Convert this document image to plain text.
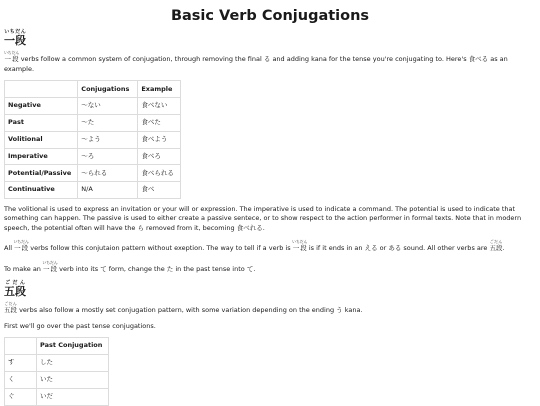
Basic Verb Conjugations
一段いちだん

一段いちだん verbs follow a common system of conjugation, through removing the final る and adding kana for the tense you're conjugating to. Here's 食べる as an example.

	Conjugations	Example
Negative	〜ない	食べない
Past	〜た	食べた
Volitional	〜よう	食べよう
Imperative	〜ろ	食べろ
Potential/Passive	〜られる	食べられる
Continuative	N/A	食べ

The volitional is used to express an invitation or your will or expression. The imperative is used to indicate a command. The potential is used to indicate that something can happen. The passive is used to either create a passive sentece, or to show respect to the action performer in formal texts. Note that in modern speech, the potential often will have the ら removed from it, becoming 食べれる.

All 一段いちだん verbs follow this conjutaion pattern without exeption. The way to tell if a verb is 一段いちだん is if it ends in an える or ある sound. All other verbs are 五段ごだん.

To make an 一段いちだん verb into its て form, change the た in the past tense into て.

五段ごだん

五段ごだん verbs also follow a mostly set conjugation pattern, with some variation depending on the ending う kana.

First we'll go over the past tense conjugations.

	Past Conjugation
す	した
く	いた
ぐ	いだ
